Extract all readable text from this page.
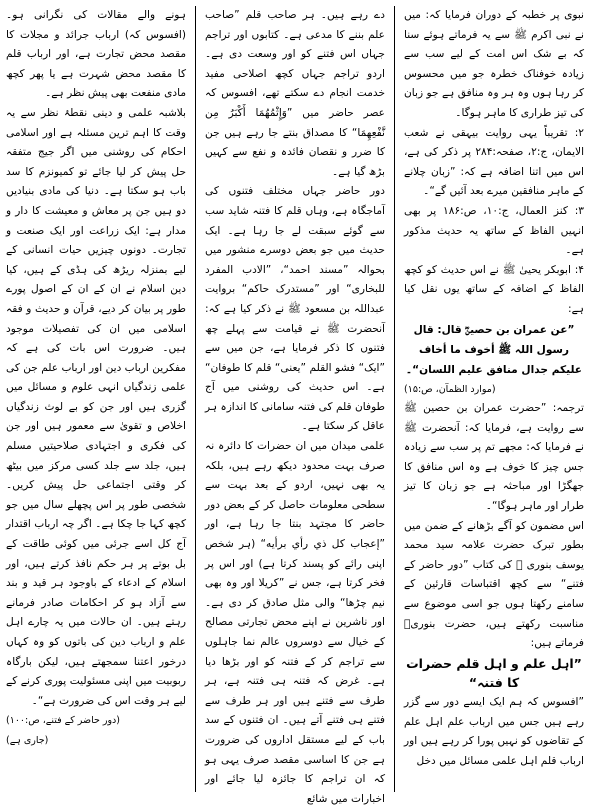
نبوی پر خطبہ کے دوران فرمایا کہ: میں نے نبی اکرم ﷺ سے یہ فرماتے ہوئے سنا کہ بے شک اس امت کے لیے سب سے زیادہ خوفناک خطرہ جو میں محسوس کر رہا ہوں وہ ہر وہ منافق ہے جو زبان کی تیز طراری کا ماہر ہوگا۔

۲: تقریباً یہی روایت بیہقی نے شعب الایمان، ج:۲، صفحہ:۲۸۴ پر ذکر کی ہے، اس میں اتنا اضافہ ہے کہ: ”زبان چلانے کے ماہر منافقین میرے بعد آئیں گے“۔

۳: کنز العمال، ج:۱۰، ص:۱۸۶ پر بھی انہیں الفاظ کے ساتھ یہ حدیث مذکور ہے۔

۴: ابوبکر یحییٰ ﷺ نے اس حدیث کو کچھ الفاظ کے اضافہ کے ساتھ یوں نقل کیا ہے:

”عن عمران بن حصینؓ قال: قال رسول اللہ ﷺ أخوف ما أخاف علیکم جدال منافق علیم اللسان“۔

(موارد الظمآن، ص:۱۵)

ترجمہ: ”حضرت عمران بن حصین ﷺ سے روایت ہے، فرمایا کہ: آنحضرت ﷺ نے فرمایا کہ: مجھے تم پر سب سے زیادہ جس چیز کا خوف ہے وہ اس منافق کا جھگڑا اور مباحثہ ہے جو زبان کا تیز طرار اور ماہر ہوگا“۔

اس مضمون کو آگے بڑھانے کے ضمن میں بطور تبرک حضرت علامہ سید محمد یوسف بنوری ﷺ کی کتاب ”دور حاضر کے فتنے“ سے کچھ اقتباسات قارئین کے سامنے رکھتا ہوں جو اسی موضوع سے مناسبت رکھتے ہیں، حضرت بنوریؒ فرماتے ہیں:

”اہل علم و اہل قلم حضرات کا فتنہ“

”افسوس کہ ہم ایک ایسے دور سے گزر رہے ہیں جس میں ارباب علم اہل علم کے تقاضوں کو نہیں پورا کر رہے ہیں اور ارباب قلم اہل علمی مسائل میں دخل

دے رہے ہیں۔ ہر صاحب قلم ”صاحب علم بننے کا مدعی ہے۔ کتابوں اور تراجم جہاں اس فتنے کو اور وسعت دی ہے۔ اردو تراجم جہاں کچھ اصلاحی مفید خدمت انجام دے سکتے تھے، افسوس کہ عصر حاضر میں ”وَإِثْمُهُمَا أَكْبَرُ مِن نَّفْعِهِمَا“ کا مصداق بنتے جا رہے ہیں جن کا ضرر و نقصان فائدہ و نفع سے کہیں بڑھ گیا ہے۔

دور حاضر جہاں مختلف فتنوں کی آماجگاہ ہے، وہاں قلم کا فتنہ شاید سب سے گوئے سبقت لے جا رہا ہے۔ ایک حدیث میں جو بعض دوسرے منشور میں بحوالہ ”مسند احمد“، ”الادب المفرد للبخاری“ اور ”مستدرک حاکم“ بروایت عبداللہ بن مسعود ﷺ نے ذکر کیا ہے کہ: آنحضرت ﷺ نے قیامت سے پہلے چھ فتنوں کا ذکر فرمایا ہے، جن میں سے ”ایک“ فشو القلم ”یعنی“ قلم کا طوفان“ ہے۔ اس حدیث کی روشنی میں آج طوفان قلم کی فتنہ سامانی کا اندازہ ہر عاقل کر سکتا ہے۔

علمی میدان میں ان حضرات کا دائرہ نہ صرف بہت محدود دیکھ رہے ہیں، بلکہ یہ بھی نہیں، اردو کے بعد بہت سے سطحی معلومات حاصل کر کے بعض دور حاضر کا مجتہد بنتا جا رہا ہے، اور ”إعجاب كل ذي رأي برأيه“ (ہر شخص اپنی رائے کو پسند کرتا ہے) اور اس پر فخر کرتا ہے، جس نے ”کریلا اور وہ بھی نیم چڑھا“ والی مثل صادق کر دی ہے۔ اور ناشرین نے اپنے محض تجارتی مصالح کے خیال سے دوسروں عالم نما جاہلوں سے تراجم کر کے فتنہ کو اور بڑھا دیا ہے۔ غرض کہ فتنہ ہی فتنہ ہے، ہر طرف سے فتنے ہیں اور ہر طرف سے فتنے ہی فتنے آتے ہیں۔ ان فتنوں کے سد باب کے لیے مستقل اداروں کی ضرورت ہے جن کا اساسی مقصد صرف یہی ہو کہ ان تراجم کا جائزہ لیا جائے اور اخبارات میں شائع

ہونے والے مقالات کی نگرانی ہو۔ (افسوس کہ) ارباب جرائد و مجلات کا مقصد محض تجارت ہے، اور ارباب قلم کا مقصد محض شہرت ہے یا پھر کچھ مادی منفعت بھی پیش نظر ہے۔

بلاشبہ علمی و دینی نقطۂ نظر سے یہ وقت کا اہم ترین مسئلہ ہے اور اسلامی احکام کی روشنی میں اگر جیج متفقہ حل پیش کر لیا جائے تو کمیونزم کا سد باب ہو سکتا ہے۔ دنیا کی مادی بنیادیں دو ہیں جن پر معاش و معیشت کا دار و مدار ہے: ایک زراعت اور ایک صنعت و تجارت۔ دونوں چیزیں حیات انسانی کے لیے بمنزلہ ریڑھ کی ہڈی کے ہیں، کیا دین اسلام نے ان کے ان کے اصول پورے طور پر بیان کر دیے، قرآن و حدیث و فقہ اسلامی میں ان کی تفصیلات موجود ہیں۔ ضرورت اس بات کی ہے کہ مفکرین ارباب دین اور ارباب علم جن کی علمی زندگیاں انہی علوم و مسائل میں گزری ہیں اور جن کو بے لوث زندگیاں اخلاص و تقویٰ سے معمور ہیں اور جن کی فکری و اجتہادی صلاحیتیں مسلم ہیں، جلد سے جلد کسی مرکز میں بیٹھ کر وقتی اجتماعی حل پیش کریں۔ شخصی طور پر اس پچھلے سال میں جو کچھ کہا جا چکا ہے۔ اگر چہ ارباب اقتدار آج کل اسے جرئی میں کوئی طاقت کے بل بوتے پر ہر حکم نافذ کرتے ہیں، اور اسلام کے ادعاء کے باوجود ہر قید و بند سے آزاد ہو کر احکامات صادر فرمانے رہتے ہیں۔ ان حالات میں یہ چارے اہل علم و ارباب دین کی باتوں کو وہ کہاں درخور اعتنا سمجھتے ہیں، لیکن بارگاہ ربوبیت میں اپنی مسئولیت پوری کرنے کے لیے ہر وقت اس کی ضرورت ہے“۔

(دور حاضر کے فتنے، ص:۱۰۰)

(جاری ہے)
